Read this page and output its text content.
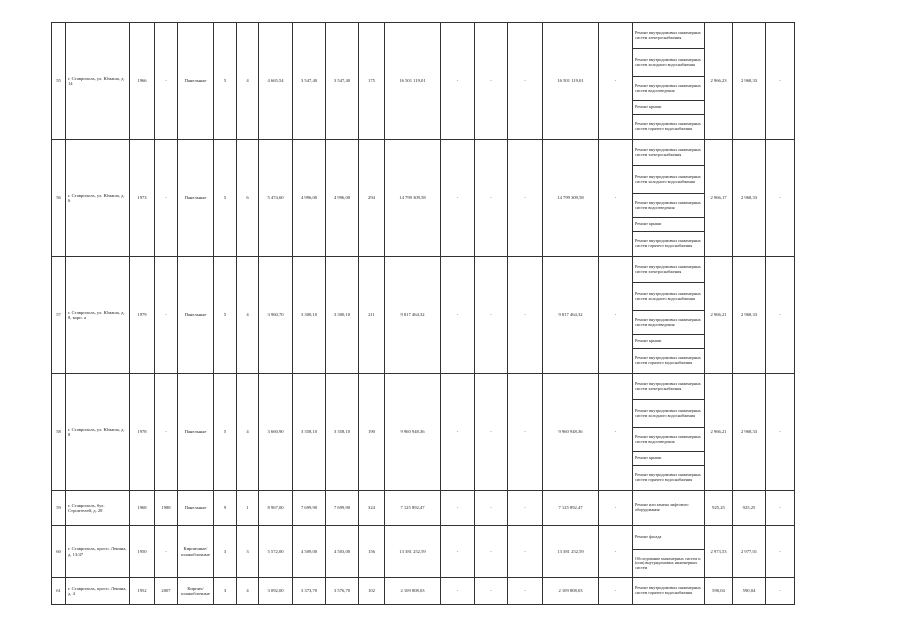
55	г. Ставрополь, ул. Юмаша, д. 14	1966	-	Панельные	5	4	4 665,54	3 547,40	3 547,40	175	16 501 119,01	-	-	-	16 501 119,01	-	Ремонт внутридомовых инженерных систем электроснабжения	2 966,23	2 968,33	-
																	Ремонт внутридомовых инженерных систем холодного водоснабжения			
																	Ремонт внутридомовых инженерных систем водоотведения			
																	Ремонт крыши			
																	Ремонт внутридомовых инженерных систем горячего водоснабжения			
56	г. Ставрополь, ул. Юмаша, д. 6	1973	-	Панельные	5	6	5 474,60	4 996,00	4 996,00	294	14 799 309,58	-	-	-	14 799 309,58	-	Ремонт внутридомовых инженерных систем электроснабжения	2 966,17	2 968,33	-
																	Ремонт внутридомовых инженерных систем холодного водоснабжения			
																	Ремонт внутридомовых инженерных систем водоотведения			
																	Ремонт крыши			
																	Ремонт внутридомовых инженерных систем горячего водоснабжения			
57	г. Ставрополь, ул. Юмаша, д. 8, корп. а	1979	-	Панельные	5	4	3 960,70	3 300,10	3 300,10	211	9 817 464,32	-	-	-	9 817 464,32	-	Ремонт внутридомовых инженерных систем электроснабжения	2 966,21	2 968,33	-
																	Ремонт внутридомовых инженерных систем холодного водоснабжения			
																	Ремонт внутридомовых инженерных систем водоотведения			
																	Ремонт крыши			
																	Ремонт внутридомовых инженерных систем горячего водоснабжения			
58	г. Ставрополь, ул. Юмаша, д. 8	1978	-	Панельные	5	4	3 660,90	3 358,10	3 358,10	190	9 960 948,36	-	-	-	9 960 948,36	-	Ремонт внутридомовых инженерных систем электроснабжения	2 966,21	2 968,33	-
																	Ремонт внутридомовых инженерных систем холодного водоснабжения			
																	Ремонт внутридомовых инженерных систем водоотведения			
																	Ремонт крыши			
																	Ремонт внутридомовых инженерных систем горячего водоснабжения			
59	г. Ставрополь, бул. Строителей, д. 28	1968	1988	Панельные	9	1	8 967,00	7 699,90	7 699,90	324	7 125 892,47	-	-	-	7 125 892,47	-	Ремонт или замена лифтового оборудования	925,25	925,25	-
60	г. Ставрополь, просп. Ленина, д. 13/47	1950	-	Кирпичные/ шлакоблочные	3	3	5 572,00	4 509,00	4 503,00	156	13 381 252,59	-	-	-	13 381 252,59	-	Ремонт фасада	2 973,53	2 977,01	-
																	Обследование инженерных систем и (или) внутридомовых инженерных систем			
61	г. Ставрополь, просп. Ленина, д. 4	1952	2007	Кирпич/ шлакоблочные	3	4	3 092,00	3 373,70	3 576,70	102	2 109 808,03	-	-	-	2 109 808,03	-	Ремонт внутридомовых инженерных систем горячего водоснабжения	590,04	590,04	-
